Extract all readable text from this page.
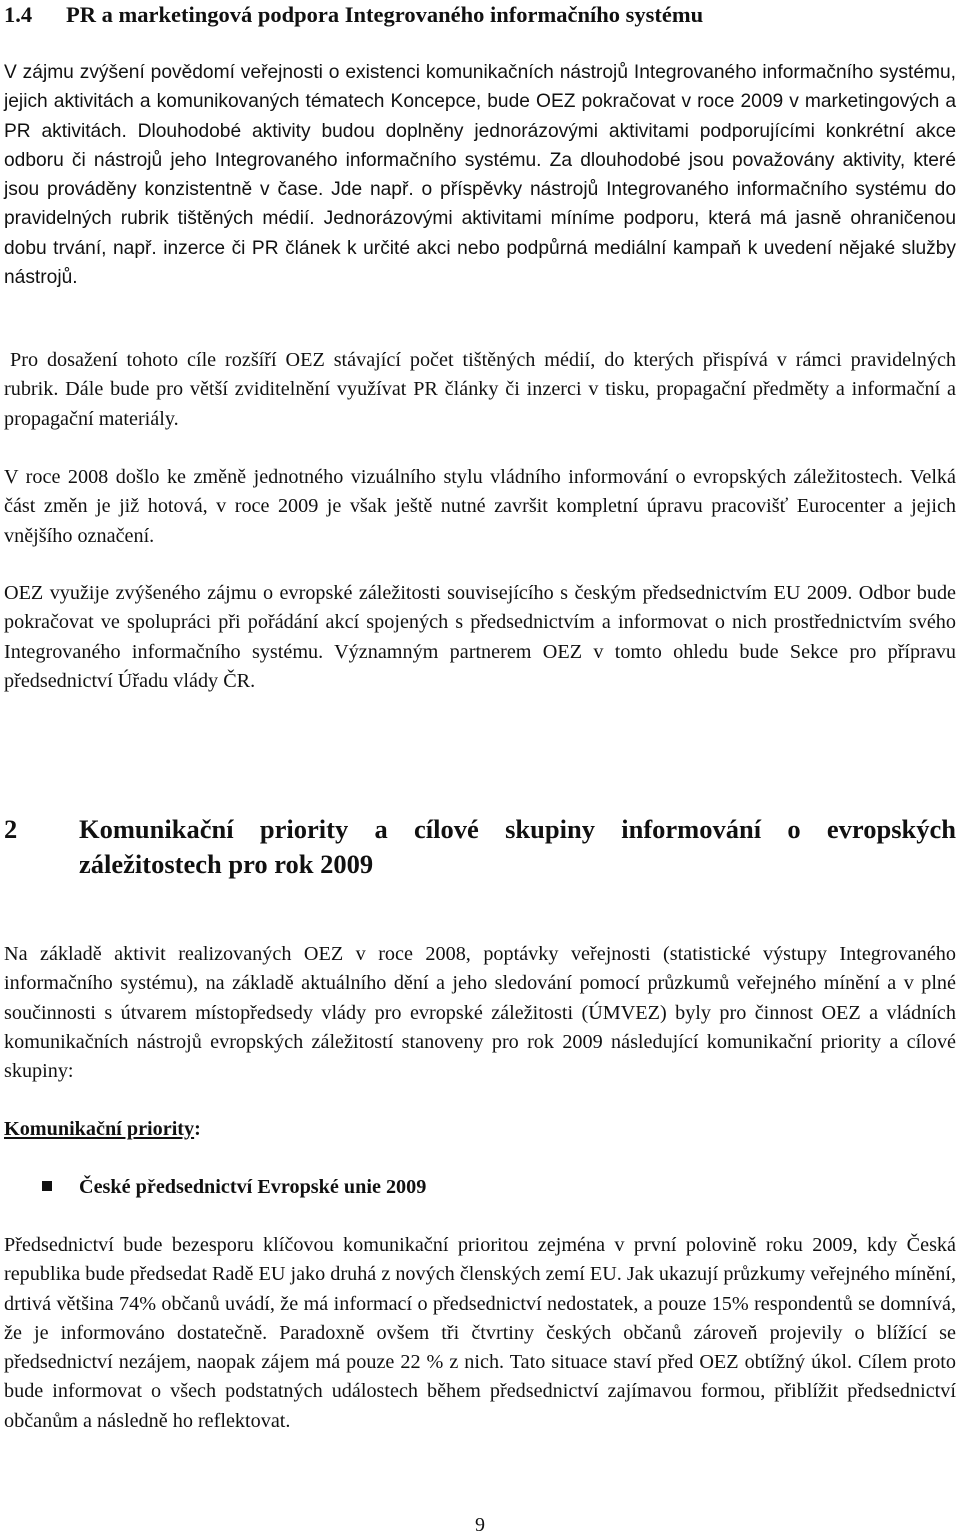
1.4 PR a marketingová podpora Integrovaného informačního systému

V zájmu zvýšení povědomí veřejnosti o existenci komunikačních nástrojů Integrovaného informačního systému, jejich aktivitách a komunikovaných tématech Koncepce, bude OEZ pokračovat v roce 2009 v marketingových a PR aktivitách. Dlouhodobé aktivity budou doplněny jednorázovými aktivitami podporujícími konkrétní akce odboru či nástrojů jeho Integrovaného informačního systému. Za dlouhodobé jsou považovány aktivity, které jsou prováděny konzistentně v čase. Jde např. o příspěvky nástrojů Integrovaného informačního systému do pravidelných rubrik tištěných médií. Jednorázovými aktivitami míníme podporu, která má jasně ohraničenou dobu trvání, např. inzerce či PR článek k určité akci nebo podpůrná mediální kampaň k uvedení nějaké služby nástrojů.

Pro dosažení tohoto cíle rozšíří OEZ stávající počet tištěných médií, do kterých přispívá v rámci pravidelných rubrik. Dále bude pro větší zviditelnění využívat PR články či inzerci v tisku, propagační předměty a informační a propagační materiály.

V roce 2008 došlo ke změně jednotného vizuálního stylu vládního informování o evropských záležitostech. Velká část změn je již hotová, v roce 2009 je však ještě nutné završit kompletní úpravu pracovišť Eurocenter a jejich vnějšího označení.

OEZ využije zvýšeného zájmu o evropské záležitosti souvisejícího s českým předsednictvím EU 2009. Odbor bude pokračovat ve spolupráci při pořádání akcí spojených s předsednictvím a informovat o nich prostřednictvím svého Integrovaného informačního systému. Významným partnerem OEZ v tomto ohledu bude Sekce pro přípravu předsednictví Úřadu vlády ČR.

2 Komunikační priority a cílové skupiny informování o evropských záležitostech pro rok 2009

Na základě aktivit realizovaných OEZ v roce 2008, poptávky veřejnosti (statistické výstupy Integrovaného informačního systému), na základě aktuálního dění a jeho sledování pomocí průzkumů veřejného mínění a v plné součinnosti s útvarem místopředsedy vlády pro evropské záležitosti (ÚMVEZ) byly pro činnost OEZ a vládních komunikačních nástrojů evropských záležitostí stanoveny pro rok 2009 následující komunikační priority a cílové skupiny:

Komunikační priority:

České předsednictví Evropské unie 2009

Předsednictví bude bezesporu klíčovou komunikační prioritou zejména v první polovině roku 2009, kdy Česká republika bude předsedat Radě EU jako druhá z nových členských zemí EU. Jak ukazují průzkumy veřejného mínění, drtivá většina 74% občanů uvádí, že má informací o předsednictví nedostatek, a pouze 15% respondentů se domnívá, že je informováno dostatečně. Paradoxně ovšem tři čtvrtiny českých občanů zároveň projevily o blížící se předsednictví nezájem, naopak zájem má pouze 22 % z nich. Tato situace staví před OEZ obtížný úkol. Cílem proto bude informovat o všech podstatných událostech během předsednictví zajímavou formou, přiblížit předsednictví občanům a následně ho reflektovat.

9
